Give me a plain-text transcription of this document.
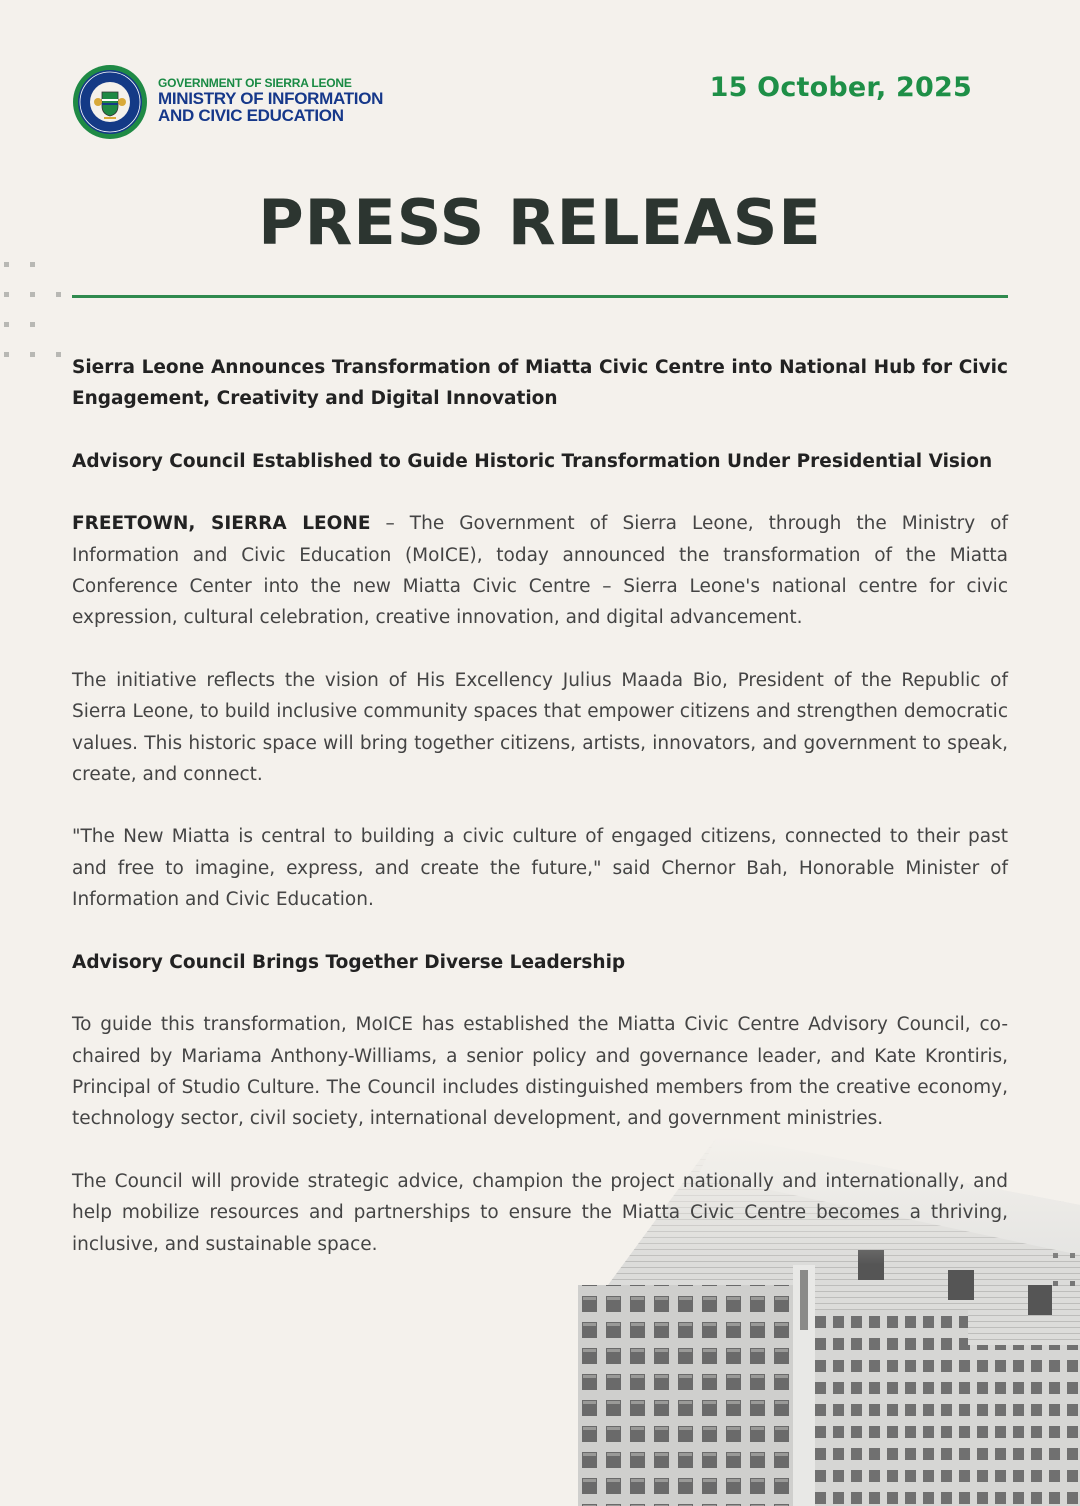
GOVERNMENT OF SIERRA LEONE
MINISTRY OF INFORMATION
AND CIVIC EDUCATION
15 October, 2025
PRESS RELEASE

Sierra Leone Announces Transformation of Miatta Civic Centre into National Hub for Civic Engagement, Creativity and Digital Innovation

Advisory Council Established to Guide Historic Transformation Under Presidential Vision

FREETOWN, SIERRA LEONE – The Government of Sierra Leone, through the Ministry of Information and Civic Education (MoICE), today announced the transformation of the Miatta Conference Center into the new Miatta Civic Centre – Sierra Leone's national centre for civic expression, cultural celebration, creative innovation, and digital advancement.

The initiative reflects the vision of His Excellency Julius Maada Bio, President of the Republic of Sierra Leone, to build inclusive community spaces that empower citizens and strengthen democratic values. This historic space will bring together citizens, artists, innovators, and government to speak, create, and connect.

"The New Miatta is central to building a civic culture of engaged citizens, connected to their past and free to imagine, express, and create the future," said Chernor Bah, Honorable Minister of Information and Civic Education.

Advisory Council Brings Together Diverse Leadership

To guide this transformation, MoICE has established the Miatta Civic Centre Advisory Council, co-chaired by Mariama Anthony-Williams, a senior policy and governance leader, and Kate Krontiris, Principal of Studio Culture. The Council includes distinguished members from the creative economy, technology sector, civil society, international development, and government ministries.

The Council will provide strategic advice, champion the project nationally and internationally, and help mobilize resources and partnerships to ensure the Miatta Civic Centre becomes a thriving, inclusive, and sustainable space.
